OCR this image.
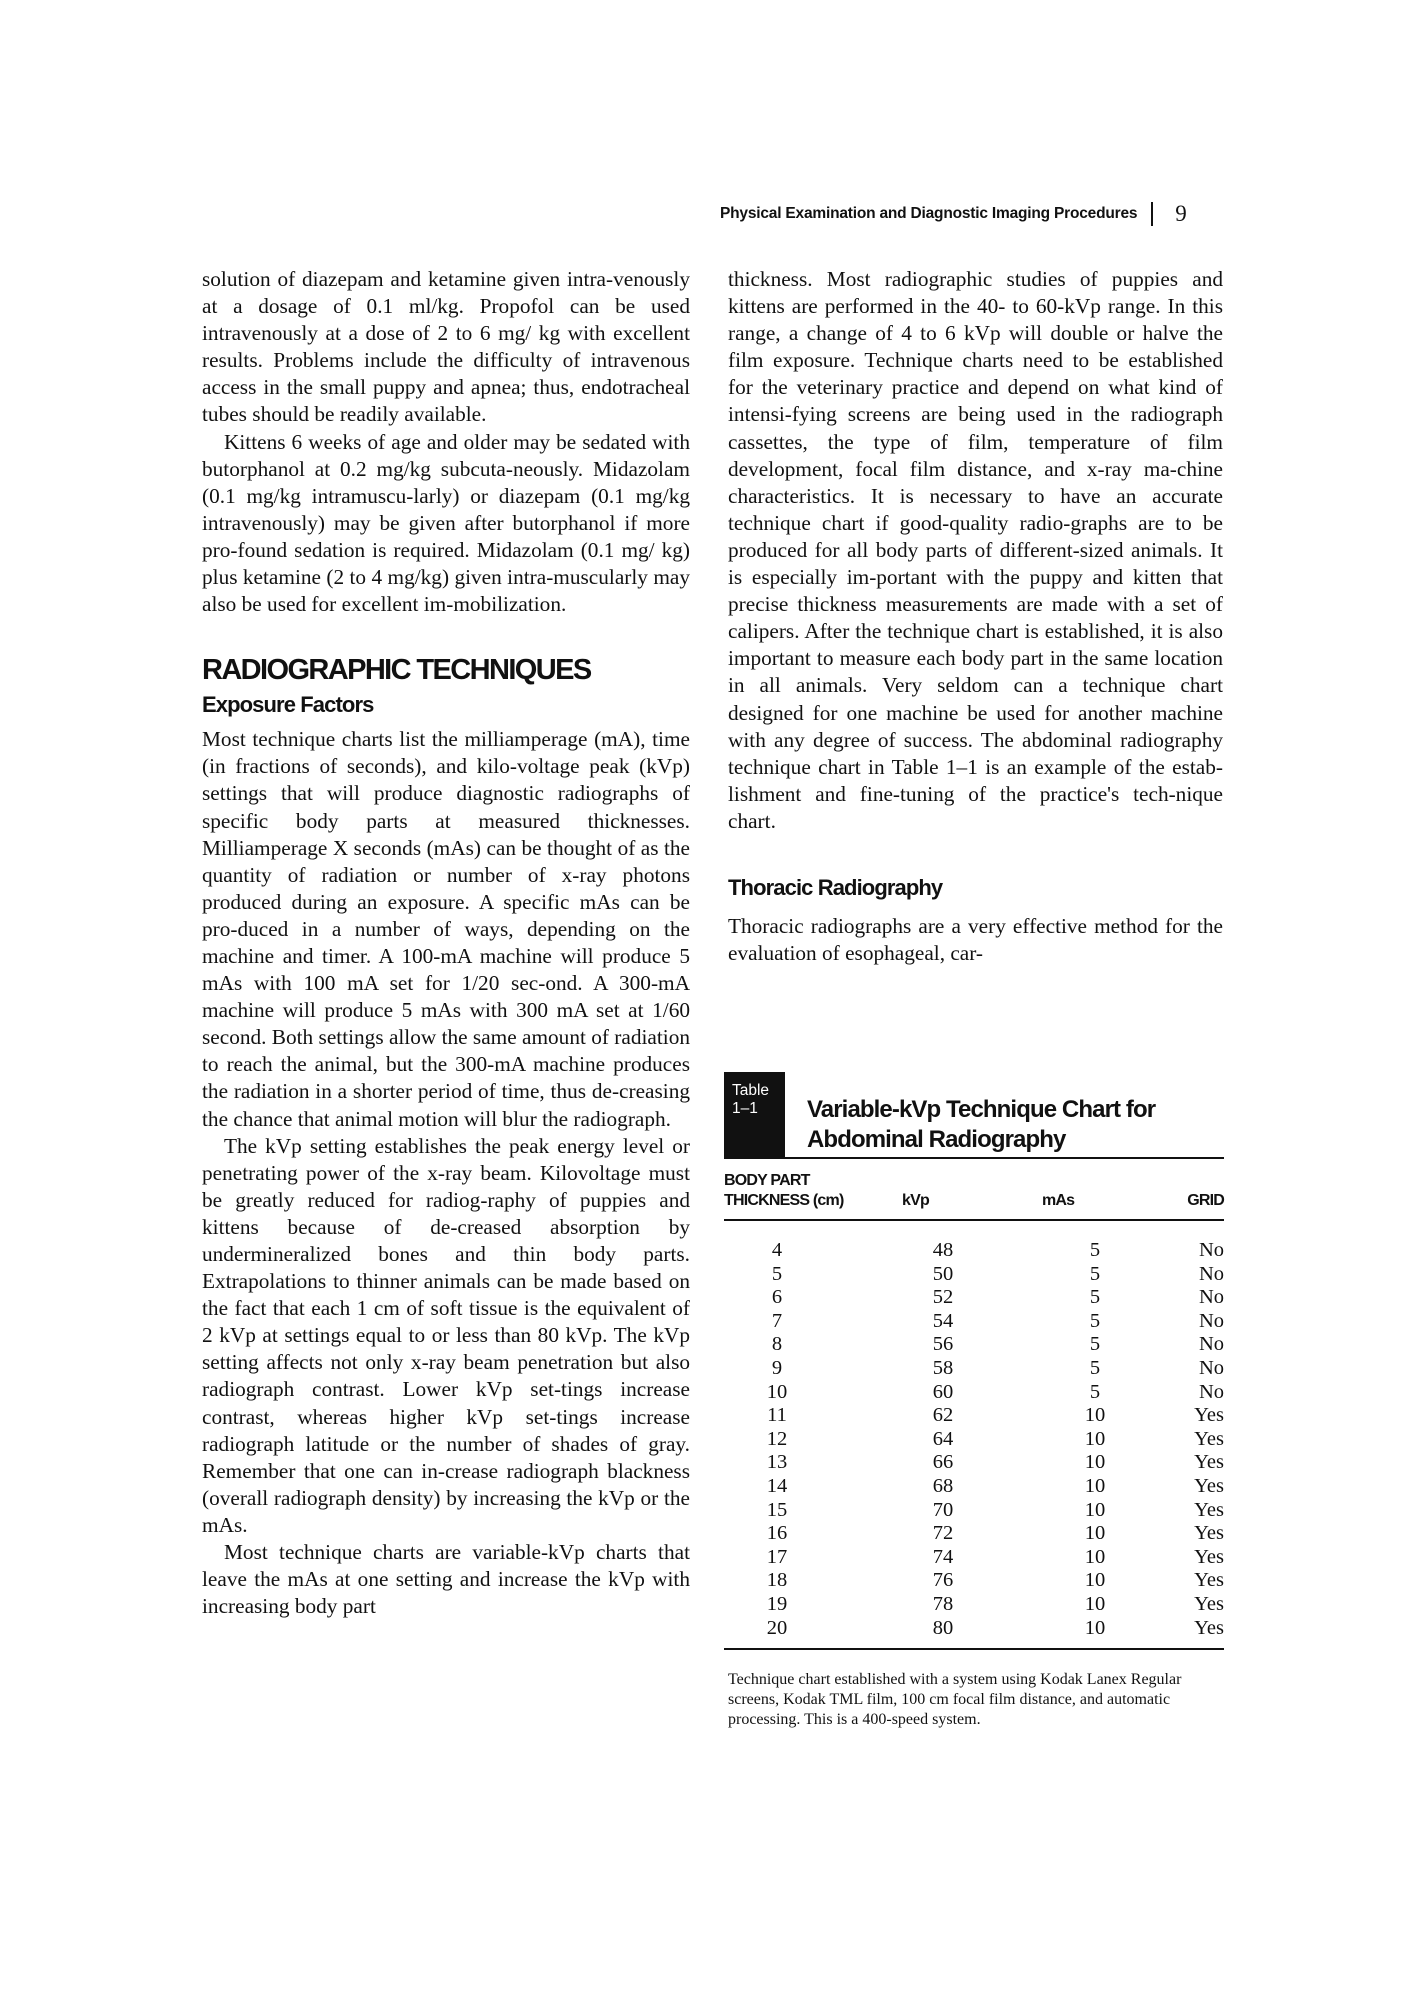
Physical Examination and Diagnostic Imaging Procedures 9

solution of diazepam and ketamine given intra-venously at a dosage of 0.1 ml/kg. Propofol can be used intravenously at a dose of 2 to 6 mg/ kg with excellent results. Problems include the difficulty of intravenous access in the small puppy and apnea; thus, endotracheal tubes should be readily available.

Kittens 6 weeks of age and older may be sedated with butorphanol at 0.2 mg/kg subcuta-neously. Midazolam (0.1 mg/kg intramuscu-larly) or diazepam (0.1 mg/kg intravenously) may be given after butorphanol if more pro-found sedation is required. Midazolam (0.1 mg/ kg) plus ketamine (2 to 4 mg/kg) given intra-muscularly may also be used for excellent im-mobilization.

RADIOGRAPHIC TECHNIQUES
Exposure Factors

Most technique charts list the milliamperage (mA), time (in fractions of seconds), and kilo-voltage peak (kVp) settings that will produce diagnostic radiographs of specific body parts at measured thicknesses. Milliamperage X seconds (mAs) can be thought of as the quantity of radiation or number of x-ray photons produced during an exposure. A specific mAs can be pro-duced in a number of ways, depending on the machine and timer. A 100-mA machine will produce 5 mAs with 100 mA set for 1/20 sec-ond. A 300-mA machine will produce 5 mAs with 300 mA set at 1/60 second. Both settings allow the same amount of radiation to reach the animal, but the 300-mA machine produces the radiation in a shorter period of time, thus de-creasing the chance that animal motion will blur the radiograph.

The kVp setting establishes the peak energy level or penetrating power of the x-ray beam. Kilovoltage must be greatly reduced for radiog-raphy of puppies and kittens because of de-creased absorption by undermineralized bones and thin body parts. Extrapolations to thinner animals can be made based on the fact that each 1 cm of soft tissue is the equivalent of 2 kVp at settings equal to or less than 80 kVp. The kVp setting affects not only x-ray beam penetration but also radiograph contrast. Lower kVp set-tings increase contrast, whereas higher kVp set-tings increase radiograph latitude or the number of shades of gray. Remember that one can in-crease radiograph blackness (overall radiograph density) by increasing the kVp or the mAs.

Most technique charts are variable-kVp charts that leave the mAs at one setting and increase the kVp with increasing body part

thickness. Most radiographic studies of puppies and kittens are performed in the 40- to 60-kVp range. In this range, a change of 4 to 6 kVp will double or halve the film exposure. Technique charts need to be established for the veterinary practice and depend on what kind of intensi-fying screens are being used in the radiograph cassettes, the type of film, temperature of film development, focal film distance, and x-ray ma-chine characteristics. It is necessary to have an accurate technique chart if good-quality radio-graphs are to be produced for all body parts of different-sized animals. It is especially im-portant with the puppy and kitten that precise thickness measurements are made with a set of calipers. After the technique chart is established, it is also important to measure each body part in the same location in all animals. Very seldom can a technique chart designed for one machine be used for another machine with any degree of success. The abdominal radiography technique chart in Table 1–1 is an example of the estab-lishment and fine-tuning of the practice's tech-nique chart.

Thoracic Radiography

Thoracic radiographs are a very effective method for the evaluation of esophageal, car-

Table
1–1	Variable-kVp Technique Chart for Abdominal Radiography
BODY PART
THICKNESS (cm)	kVp	mAs	GRID
4	48	5	No
5	50	5	No
6	52	5	No
7	54	5	No
8	56	5	No
9	58	5	No
10	60	5	No
11	62	10	Yes
12	64	10	Yes
13	66	10	Yes
14	68	10	Yes
15	70	10	Yes
16	72	10	Yes
17	74	10	Yes
18	76	10	Yes
19	78	10	Yes
20	80	10	Yes
Technique chart established with a system using Kodak Lanex Regular screens, Kodak TML film, 100 cm focal film distance, and automatic processing. This is a 400-speed system.
